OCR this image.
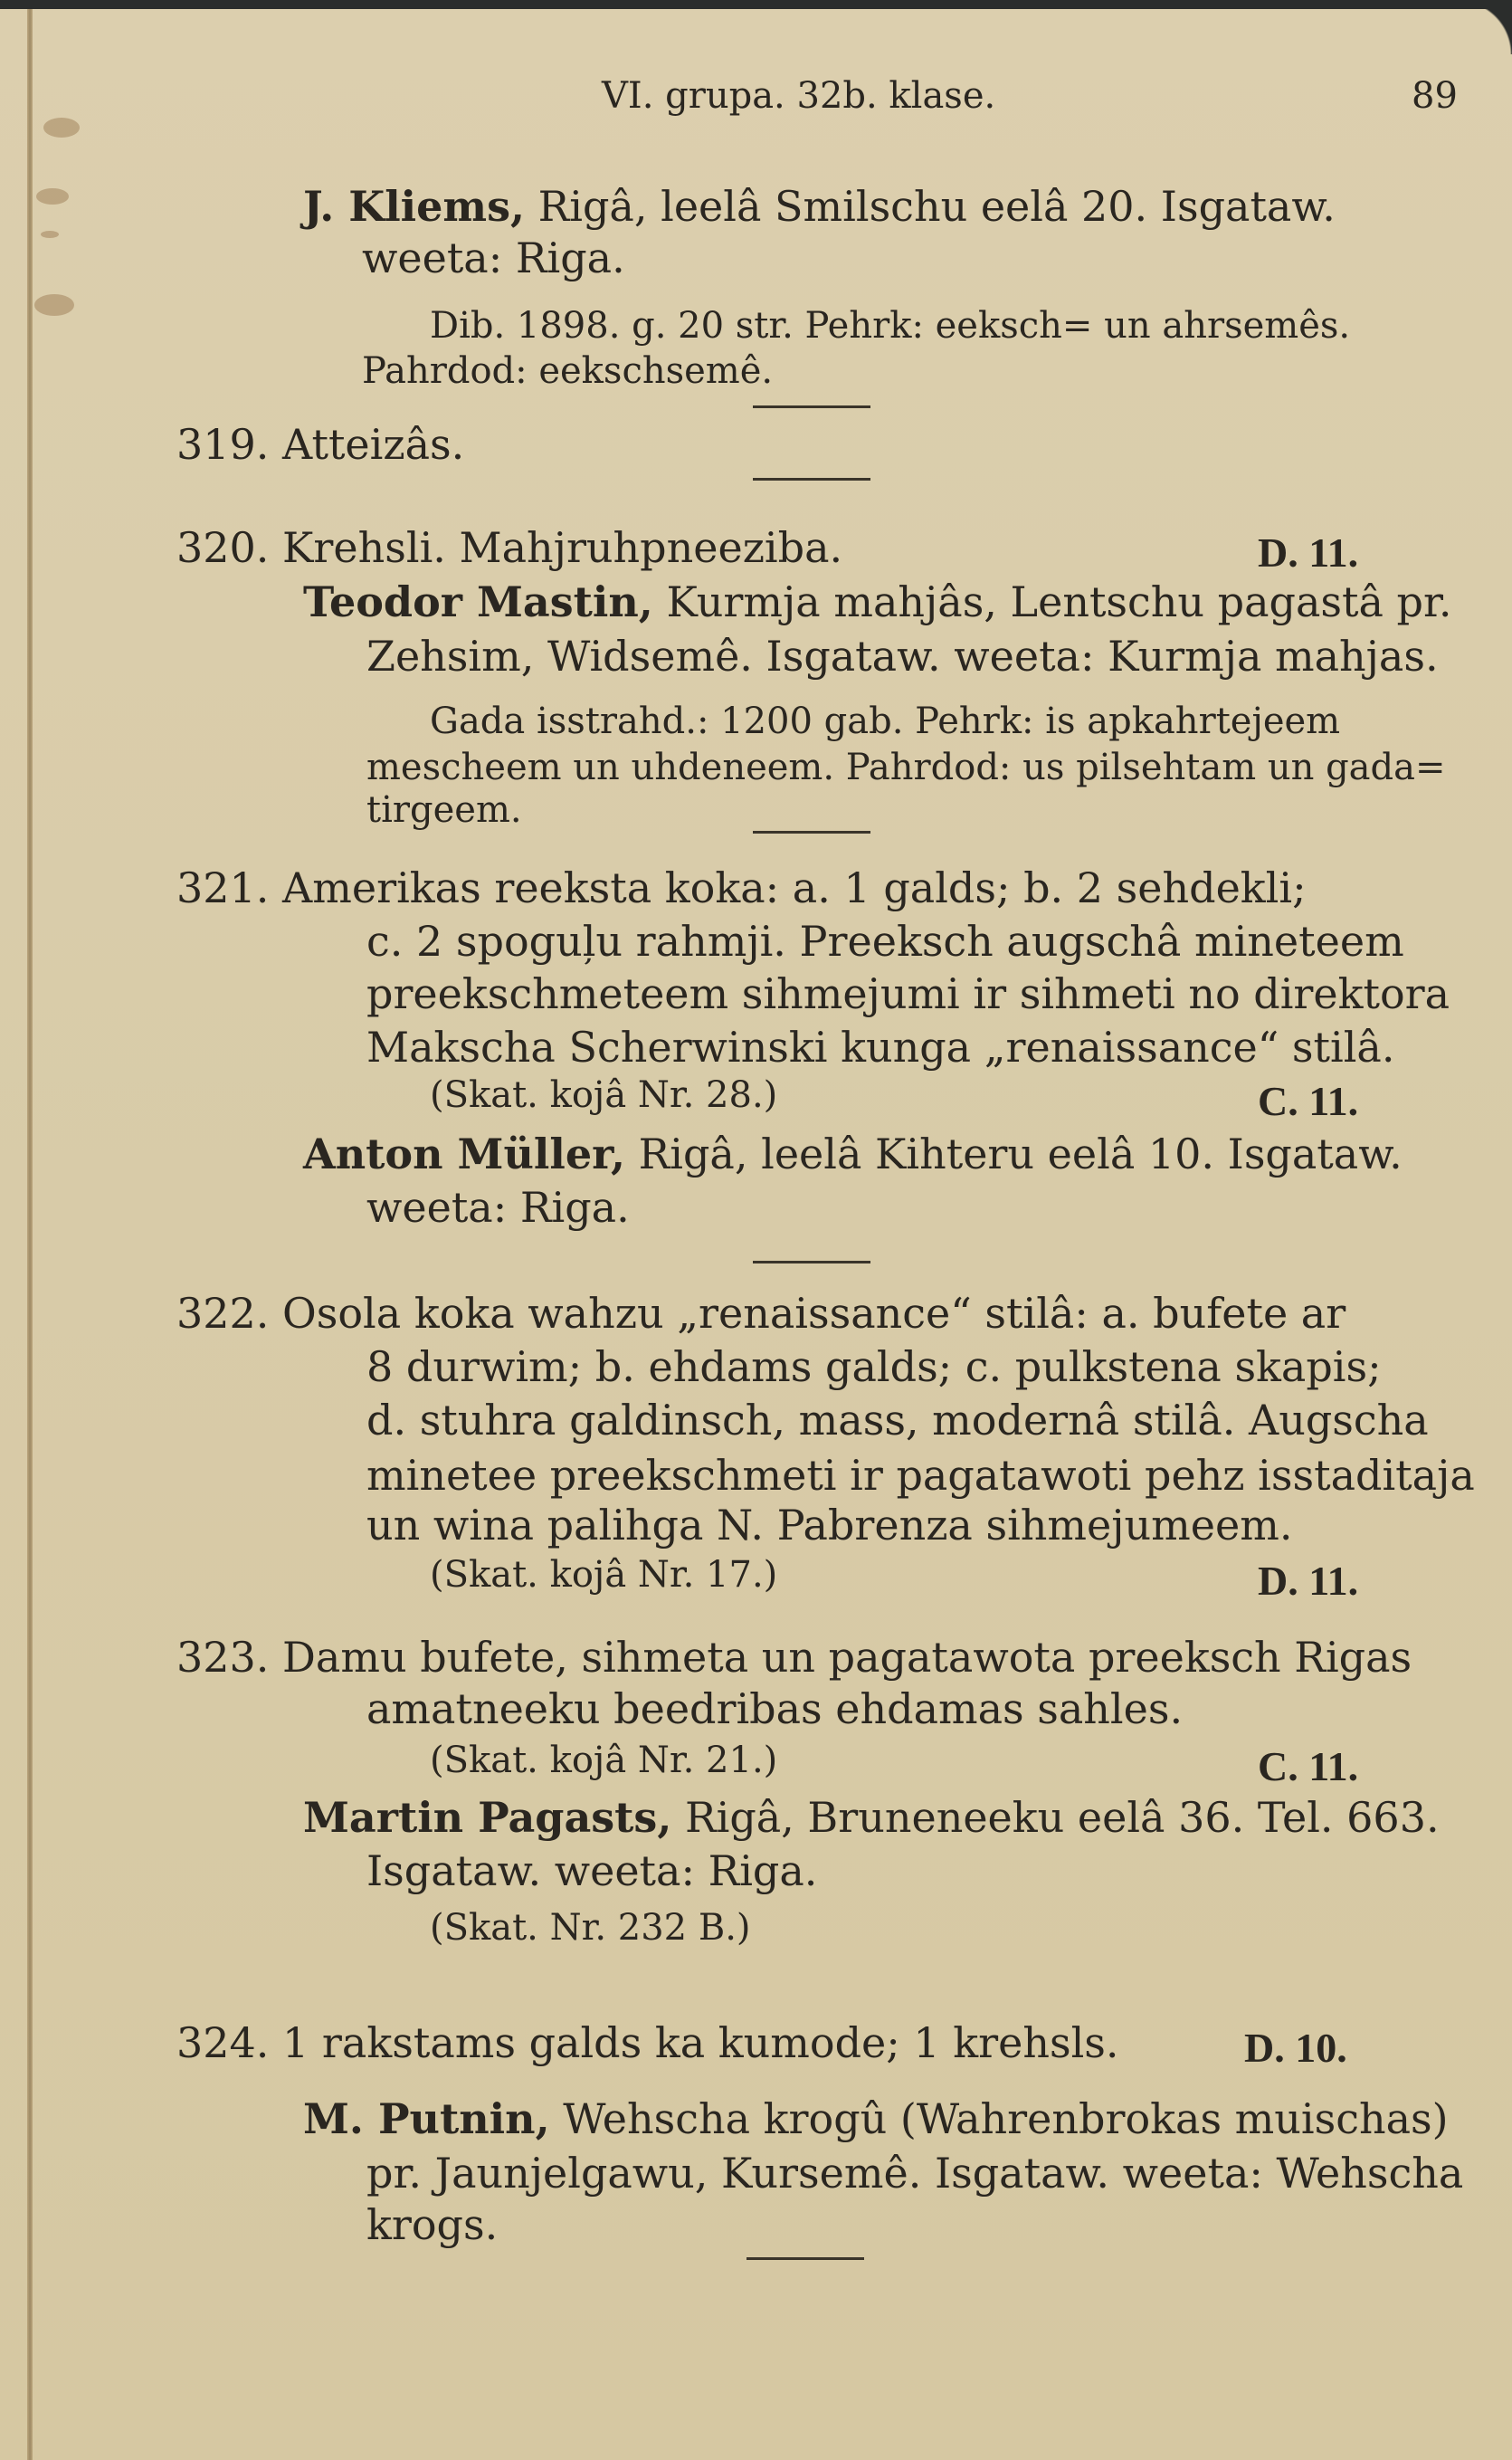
VI. grupa. 32b. klase.	89
J. Kliems, Rigâ, leelâ Smilschu eelâ 20. Isgataw.
weeta: Riga.
Dib. 1898. g. 20 str. Pehrk: eeksch= un ahrsemês.
Pahrdod: eekschsemê.
319. Atteizâs.
320. Krehsli. Mahjruhpneeziba.	D. 11.
Teodor Mastin, Kurmja mahjâs, Lentschu pagastâ pr.
Zehsim, Widsemê. Isgataw. weeta: Kurmja mahjas.
Gada isstrahd.: 1200 gab. Pehrk: is apkahrtejeem
meschеem un uhdeneem. Pahrdod: us pilsehtam un gada=
tirgeem.
321. Amerikas reeksta koka: a. 1 galds; b. 2 sehdekli;
c. 2 spoguļu rahmji. Preeksch augschâ minеteem
preekschmeteem sihmejumi ir sihmeti no direktora
Makscha Scherwinski kunga „renaissance“ stilâ.
(Skat. kojâ Nr. 28.)	C. 11.
Anton Müller, Rigâ, leelâ Kihteru eelâ 10. Isgataw.
weeta: Riga.
322. Osola koka wahzu „renaissance“ stilâ: a. bufete ar
8 durwim; b. ehdams galds; c. pulkstena skapis;
d. stuhra galdinsch, mass, modernâ stilâ. Augscha
minetee preekschmeti ir pagatawoti pehz isstaditaja
un wina palihga N. Pabrenza sihmejumeem.
(Skat. kojâ Nr. 17.)	D. 11.
323. Damu bufete, sihmeta un pagatawota preeksch Rigas
amatneeku beedribas ehdamas sahles.
(Skat. kojâ Nr. 21.)	C. 11.
Martin Pagasts, Rigâ, Bruneneeku eelâ 36. Tel. 663.
Isgataw. weeta: Riga.
(Skat. Nr. 232 B.)
324. 1 rakstams galds ka kumode; 1 krehsls.	D. 10.
M. Putnin, Wehscha krogû (Wahrenbrokas muischas)
pr. Jaunjelgawu, Kursemê. Isgataw. weeta: Wehscha
krogs.
